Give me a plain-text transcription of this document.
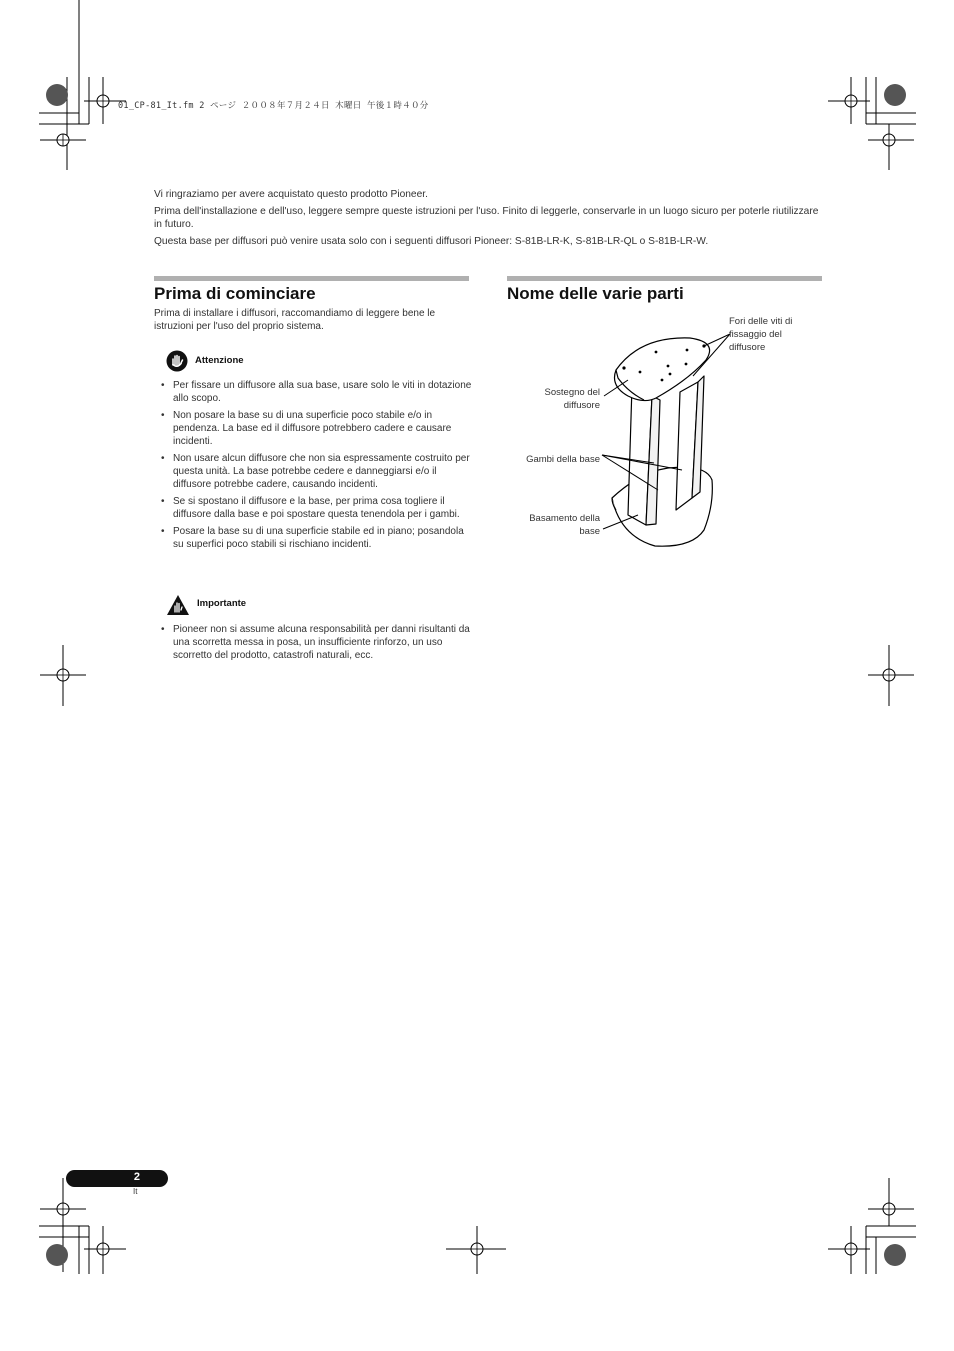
01_CP-81_It.fm 2 ページ ２００８年７月２４日 木曜日 午後１時４０分

Vi ringraziamo per avere acquistato questo prodotto Pioneer.

Prima dell'installazione e dell'uso, leggere sempre queste istruzioni per l'uso. Finito di leggerle, conservarle in un luogo sicuro per poterle riutilizzare in futuro.

Questa base per diffusori può venire usata solo con i seguenti diffusori Pioneer: S-81B-LR-K, S-81B-LR-QL o S-81B-LR-W.

Prima di cominciare
Prima di installare i diffusori, raccomandiamo di leggere bene le istruzioni per l'uso del proprio sistema.
Attenzione
• Per fissare un diffusore alla sua base, usare solo le viti in dotazione allo scopo.
• Non posare la base su di una superficie poco stabile e/o in pendenza. La base ed il diffusore potrebbero cadere e causare incidenti.
• Non usare alcun diffusore che non sia espressamente costruito per questa unità. La base potrebbe cedere e danneggiarsi e/o il diffusore potrebbe cadere, causando incidenti.
• Se si spostano il diffusore e la base, per prima cosa togliere il diffusore dalla base e poi spostare questa tenendola per i gambi.
• Posare la base su di una superficie stabile ed in piano; posandola su superfici poco stabili si rischiano incidenti.
Importante
• Pioneer non si assume alcuna responsabilità per danni risultanti da una scorretta messa in posa, un insufficiente rinforzo, un uso scorretto del prodotto, catastrofi naturali, ecc.
Nome delle varie parti
Fori delle viti di fissaggio del diffusore
Sostegno del diffusore
Gambi della base
Basamento della base
2
It
